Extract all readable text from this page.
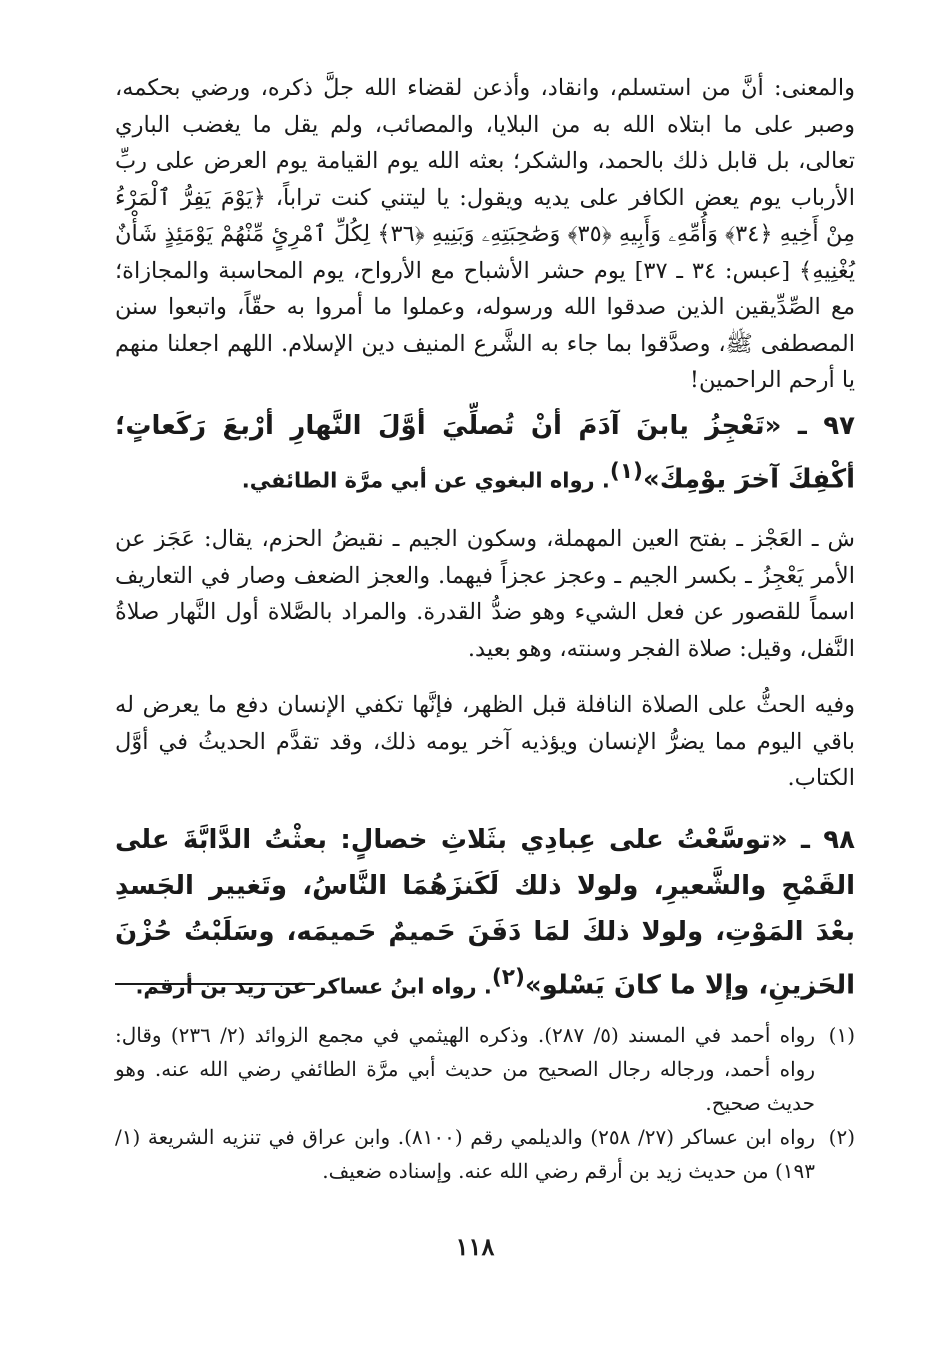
والمعنى: أنَّ من استسلم، وانقاد، وأذعن لقضاء الله جلَّ ذكره، ورضي بحكمه، وصبر على ما ابتلاه الله به من البلايا، والمصائب، ولم يقل ما يغضب الباري تعالى، بل قابل ذلك بالحمد، والشكر؛ بعثه الله يوم القيامة يوم العرض على ربِّ الأرباب يوم يعض الكافر على يديه ويقول: يا ليتني كنت تراباً، ﴿يَوْمَ يَفِرُّ ٱلْمَرْءُ مِنْ أَخِيهِ ﴿٣٤﴾ وَأُمِّهِۦ وَأَبِيهِ ﴿٣٥﴾ وَصَٰحِبَتِهِۦ وَبَنِيهِ ﴿٣٦﴾ لِكُلِّ ٱمْرِئٍ مِّنْهُمْ يَوْمَئِذٍ شَأْنٌ يُغْنِيهِ﴾ [عبس: ٣٤ ـ ٣٧] يوم حشر الأشباح مع الأرواح، يوم المحاسبة والمجازاة؛ مع الصِّدِّيقين الذين صدقوا الله ورسوله، وعملوا ما أمروا به حقّاً، واتبعوا سنن المصطفى ﷺ، وصدَّقوا بما جاء به الشَّرع المنيف دين الإسلام. اللهم اجعلنا منهم يا أرحم الراحمين!

٩٧ ـ «تَعْجِزُ يابنَ آدَمَ أنْ تُصلِّيَ أوَّلَ النَّهارِ أرْبعَ رَكَعاتٍ؛ أكْفِكَ آخرَ يوْمِكَ»$^{(١)}$. رواه البغوي عن أبي مرَّة الطائفي.

ش ـ العَجْز ـ بفتح العين المهملة، وسكون الجيم ـ نقيضُ الحزم، يقال: عَجَز عن الأمر يَعْجِزُ ـ بكسر الجيم ـ وعجز عجزاً فيهما. والعجز الضعف وصار في التعاريف اسماً للقصور عن فعل الشيء وهو ضدُّ القدرة. والمراد بالصَّلاة أول النَّهار صلاةُ النَّفل، وقيل: صلاة الفجر وسنته، وهو بعيد.

وفيه الحثُّ على الصلاة النافلة قبل الظهر، فإنَّها تكفي الإنسان دفع ما يعرض له باقي اليوم مما يضرُّ الإنسان ويؤذيه آخر يومه ذلك، وقد تقدَّم الحديثُ في أوَّل الكتاب.

٩٨ ـ «توسَّعْتُ على عِبادِي بثَلاثِ خصالٍ: بعثْتُ الدَّابَّةَ على القَمْحِ والشَّعيرِ، ولولا ذلك لَكَنزَهُمَا النَّاسُ، وتَغيير الجَسدِ بعْدَ المَوْتِ، ولولا ذلكَ لمَا دَفَنَ حَميمٌ حَميمَه، وسَلَبْتُ حُزْنَ الحَزينِ، وإلا ما كانَ يَسْلو»$^{(٢)}$. رواه ابنُ عساكر عن زيد بن أرقم.

(١)
رواه أحمد في المسند (٥/ ٢٨٧). وذكره الهيثمي في مجمع الزوائد (٢/ ٢٣٦) وقال: رواه أحمد، ورجاله رجال الصحيح من حديث أبي مرَّة الطائفي رضي الله عنه. وهو حديث صحيح.

(٢)
رواه ابن عساكر (٢٧/ ٢٥٨) والديلمي رقم (٨١٠٠). وابن عراق في تنزيه الشريعة (١/ ١٩٣) من حديث زيد بن أرقم رضي الله عنه. وإسناده ضعيف.

١١٨
